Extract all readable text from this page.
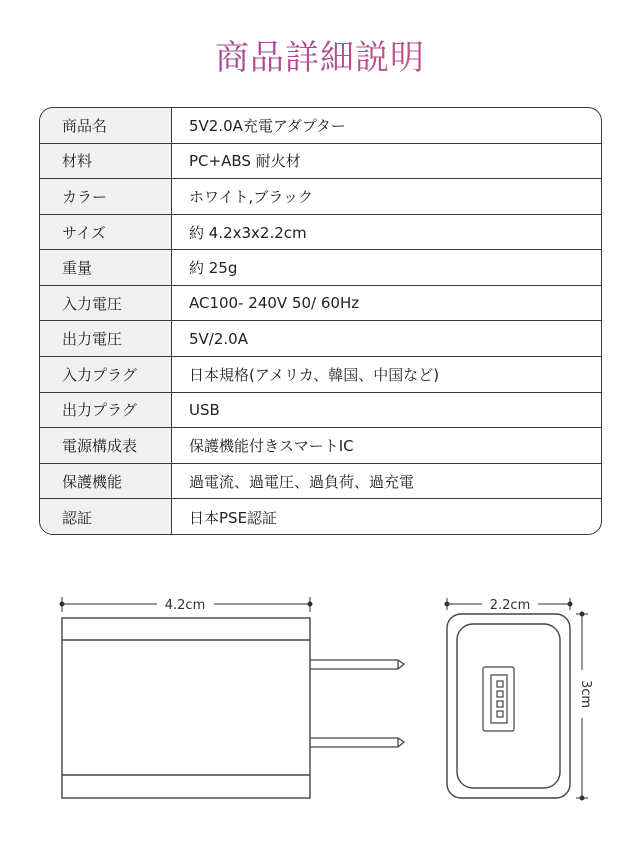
商品詳細説明
商品名	5V2.0A充電アダプター
材料	PC+ABS 耐火材
カラー	ホワイト,ブラック
サイズ	約 4.2x3x2.2cm
重量	約 25g
入力電圧	AC100- 240V 50/ 60Hz
出力電圧	5V/2.0A
入力プラグ	日本規格(アメリカ、韓国、中国など)
出力プラグ	USB
電源構成表	保護機能付きスマートIC
保護機能	過電流、過電圧、過負荷、過充電
認証	日本PSE認証
4.2cm	2.2cm
3cm
